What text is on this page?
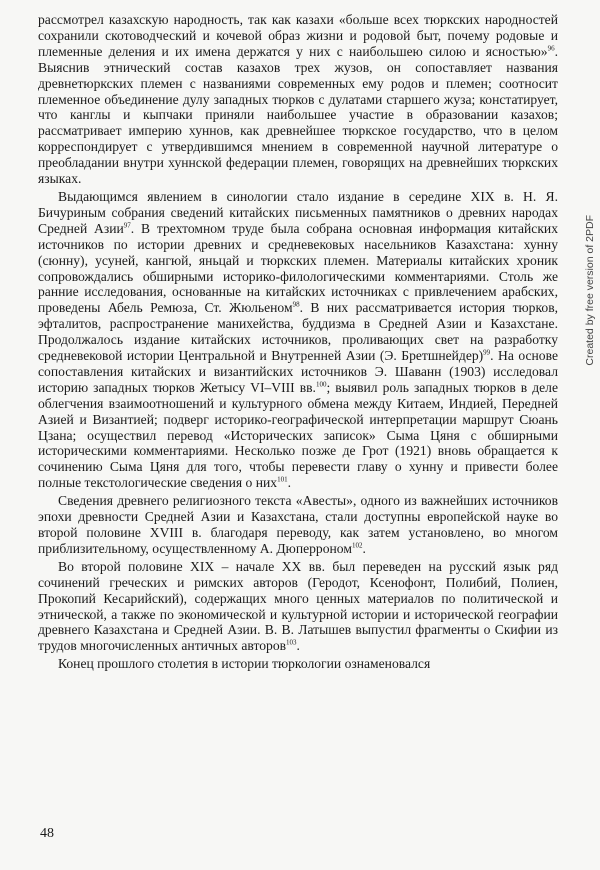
рассмотрел казахскую народность, так как казахи «больше всех тюркских народностей сохранили скотоводческий и кочевой образ жизни и родовой быт, почему родовые и племенные деления и их имена держатся у них с наибольшею силою и ясностью»$^{96}$. Выяснив этнический состав казахов трех жузов, он сопоставляет названия древнетюркских племен с названиями современных ему родов и племен; соотносит племенное объединение дулу западных тюрков с дулатами старшего жуза; констатирует, что канглы и кыпчаки приняли наибольшее участие в образовании казахов; рассматривает империю хуннов, как древнейшее тюркское государство, что в целом корреспондирует с утвердившимся мнением в современной научной литературе о преобладании внутри хуннской федерации племен, говорящих на древнейших тюркских языках.

Выдающимся явлением в синологии стало издание в середине XIX в. Н. Я. Бичуриным собрания сведений китайских письменных памятников о древних народах Средней Азии$^{97}$. В трехтомном труде была собрана основная информация китайских источников по истории древних и средневековых насельников Казахстана: хунну (сюнну), усуней, кангюй, яньцай и тюркских племен. Материалы китайских хроник сопровождались обширными историко-филологическими комментариями. Столь же ранние исследования, основанные на китайских источниках с привлечением арабских, проведены Абель Ремюза, Ст. Жюльеном$^{98}$. В них рассматривается история тюрков, эфталитов, распространение манихейства, буддизма в Средней Азии и Казахстане. Продолжалось издание китайских источников, проливающих свет на разработку средневековой истории Центральной и Внутренней Азии (Э. Бретшнейдер)$^{99}$. На основе сопоставления китайских и византийских источников Э. Шаванн (1903) исследовал историю западных тюрков Жетысу VI–VIII вв.$^{100}$; выявил роль западных тюрков в деле облегчения взаимоотношений и культурного обмена между Китаем, Индией, Передней Азией и Византией; подверг историко-географической интерпретации маршрут Сюань Цзана; осуществил перевод «Исторических записок» Сыма Цяня с обширными историческими комментариями. Несколько позже де Грот (1921) вновь обращается к сочинению Сыма Цяня для того, чтобы перевести главу о хунну и привести более полные текстологические сведения о них$^{101}$.

Сведения древнего религиозного текста «Авесты», одного из важнейших источников эпохи древности Средней Азии и Казахстана, стали доступны европейской науке во второй половине XVIII в. благодаря переводу, как затем установлено, во многом приблизительному, осуществленному А. Дюперроном$^{102}$.

Во второй половине XIX – начале XX вв. был переведен на русский язык ряд сочинений греческих и римских авторов (Геродот, Ксенофонт, Полибий, Полиен, Прокопий Кесарийский), содержащих много ценных материалов по политической и этнической, а также по экономической и культурной истории и исторической географии древнего Казахстана и Средней Азии. В. В. Латышев выпустил фрагменты о Скифии из трудов многочисленных античных авторов$^{103}$.

Конец прошлого столетия в истории тюркологии ознаменовался

48
Created by free version of 2PDF
